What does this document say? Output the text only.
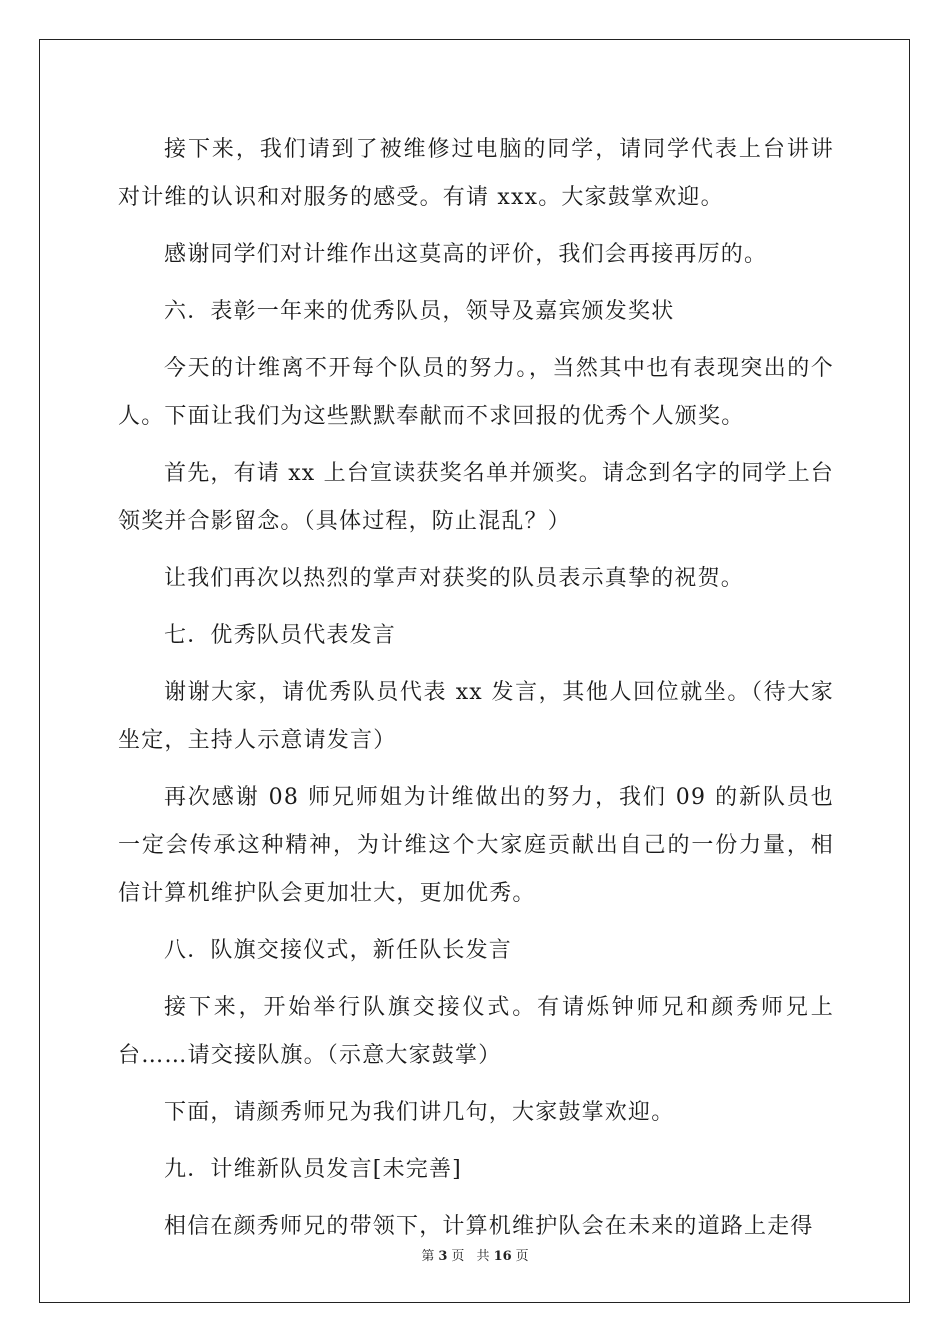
接下来，我们请到了被维修过电脑的同学，请同学代表上台讲讲对计维的认识和对服务的感受。有请 xxx。大家鼓掌欢迎。

感谢同学们对计维作出这莫高的评价，我们会再接再厉的。

六．表彰一年来的优秀队员，领导及嘉宾颁发奖状

今天的计维离不开每个队员的努力。，当然其中也有表现突出的个人。下面让我们为这些默默奉献而不求回报的优秀个人颁奖。

首先，有请 xx 上台宣读获奖名单并颁奖。请念到名字的同学上台领奖并合影留念。（具体过程，防止混乱？）

让我们再次以热烈的掌声对获奖的队员表示真挚的祝贺。

七．优秀队员代表发言

谢谢大家，请优秀队员代表 xx 发言，其他人回位就坐。（待大家坐定，主持人示意请发言）

再次感谢 08 师兄师姐为计维做出的努力，我们 09 的新队员也一定会传承这种精神，为计维这个大家庭贡献出自己的一份力量，相信计算机维护队会更加壮大，更加优秀。

八．队旗交接仪式，新任队长发言

接下来，开始举行队旗交接仪式。有请烁钟师兄和颜秀师兄上台……请交接队旗。（示意大家鼓掌）

下面，请颜秀师兄为我们讲几句，大家鼓掌欢迎。

九．计维新队员发言[未完善]

相信在颜秀师兄的带领下，计算机维护队会在未来的道路上走得

第 3 页 共 16 页
